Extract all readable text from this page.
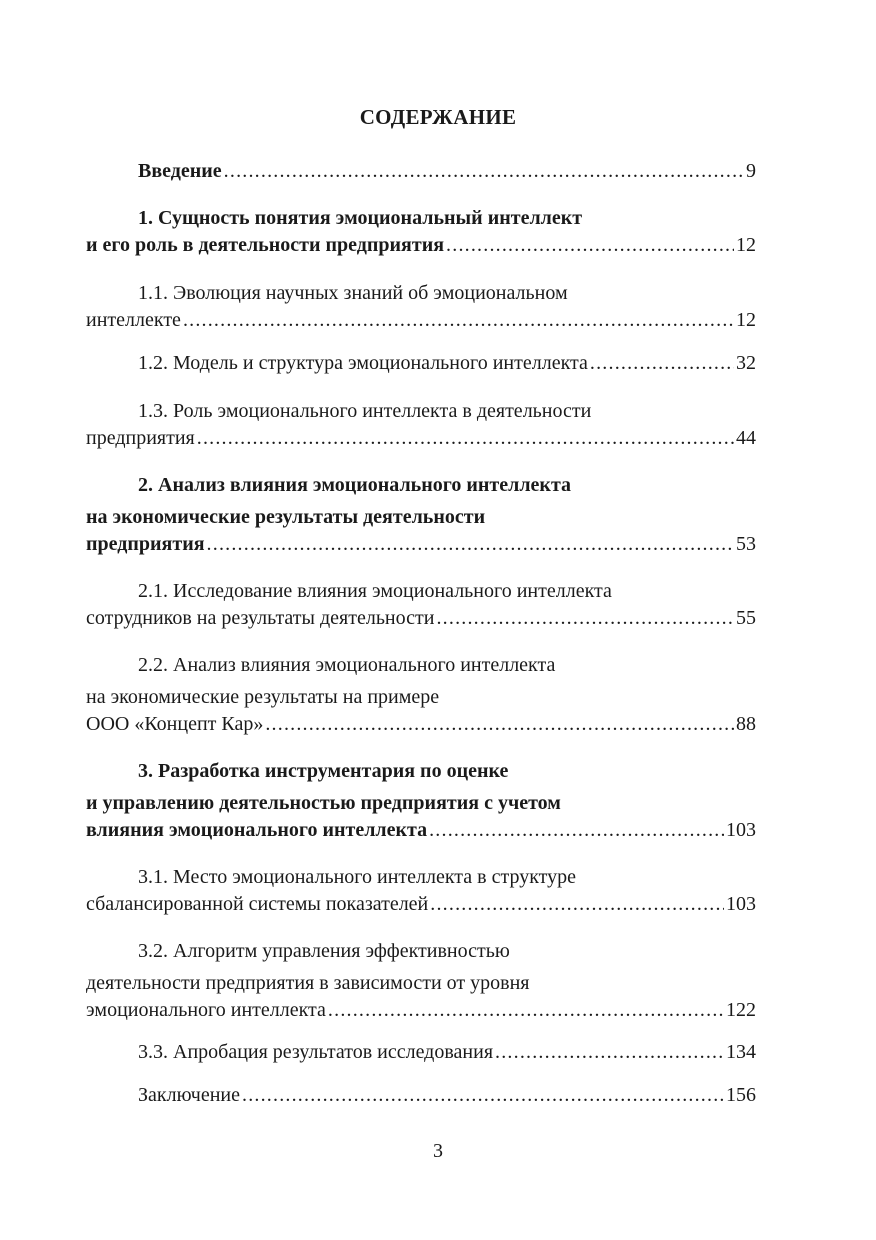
СОДЕРЖАНИЕ
Введение .....	9
1. Сущность понятия эмоциональный интеллект
и его роль в деятельности предприятия .....	12
1.1. Эволюция научных знаний об эмоциональном
интеллекте .....	12
1.2. Модель и структура эмоционального интеллекта .....	32
1.3. Роль эмоционального интеллекта в деятельности
предприятия .....	44
2. Анализ влияния эмоционального интеллекта
на экономические результаты деятельности
предприятия .....	53
2.1. Исследование влияния эмоционального интеллекта
сотрудников на результаты деятельности .....	55
2.2. Анализ влияния эмоционального интеллекта
на экономические результаты на примере
ООО «Концепт Кар» .....	88
3. Разработка инструментария по оценке
и управлению деятельностью предприятия с учетом
влияния эмоционального интеллекта .....	103
3.1. Место эмоционального интеллекта в структуре
сбалансированной системы показателей .....	103
3.2. Алгоритм управления эффективностью
деятельности предприятия в зависимости от уровня
эмоционального интеллекта .....	122
3.3. Апробация результатов исследования .....	134
Заключение .....	156
3
